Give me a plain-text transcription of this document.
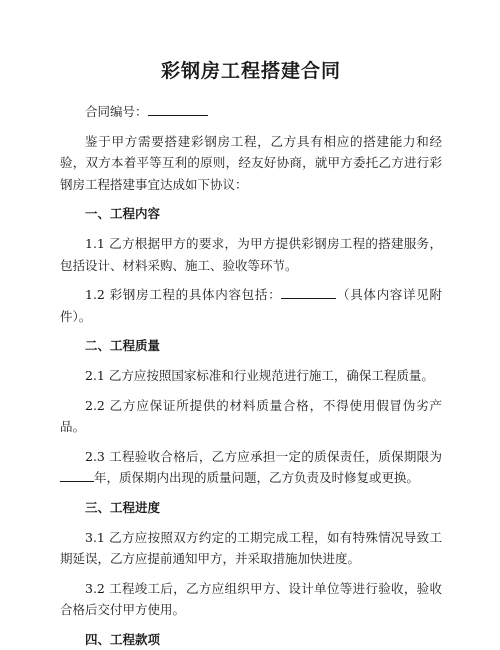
彩钢房工程搭建合同
合同编号：
鉴于甲方需要搭建彩钢房工程，乙方具有相应的搭建能力和经验，双方本着平等互利的原则，经友好协商，就甲方委托乙方进行彩钢房工程搭建事宜达成如下协议：
一、工程内容
1.1 乙方根据甲方的要求，为甲方提供彩钢房工程的搭建服务，包括设计、材料采购、施工、验收等环节。
1.2 彩钢房工程的具体内容包括：	（具体内容详见附件）。
二、工程质量
2.1 乙方应按照国家标准和行业规范进行施工，确保工程质量。
2.2 乙方应保证所提供的材料质量合格，不得使用假冒伪劣产品。
2.3 工程验收合格后，乙方应承担一定的质保责任，质保期限为年，质保期内出现的质量问题，乙方负责及时修复或更换。
三、工程进度
3.1 乙方应按照双方约定的工期完成工程，如有特殊情况导致工期延误，乙方应提前通知甲方，并采取措施加快进度。
3.2 工程竣工后，乙方应组织甲方、设计单位等进行验收，验收合格后交付甲方使用。
四、工程款项
